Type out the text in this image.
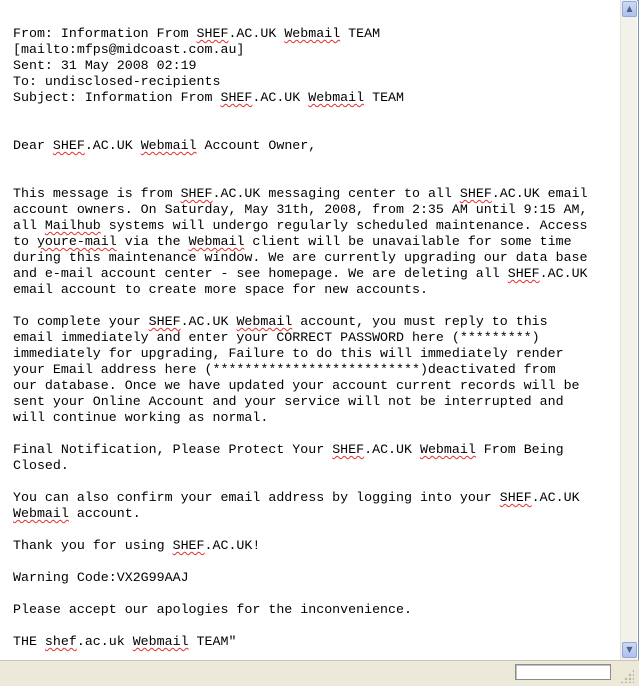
From: Information From SHEF.AC.UK Webmail TEAM
[mailto:mfps@midcoast.com.au]
Sent: 31 May 2008 02:19
To: undisclosed-recipients
Subject: Information From SHEF.AC.UK Webmail TEAM

Dear SHEF.AC.UK Webmail Account Owner,

This message is from SHEF.AC.UK messaging center to all SHEF.AC.UK email
account owners. On Saturday, May 31th, 2008, from 2:35 AM until 9:15 AM,
all Mailhub systems will undergo regularly scheduled maintenance. Access
to youre-mail via the Webmail client will be unavailable for some time
during this maintenance window. We are currently upgrading our data base
and e-mail account center - see homepage. We are deleting all SHEF.AC.UK
email account to create more space for new accounts.

To complete your SHEF.AC.UK Webmail account, you must reply to this
email immediately and enter your CORRECT PASSWORD here (*********)
immediately for upgrading, Failure to do this will immediately render
your Email address here (**************************)deactivated from
our database. Once we have updated your account current records will be
sent your Online Account and your service will not be interrupted and
will continue working as normal.

Final Notification, Please Protect Your SHEF.AC.UK Webmail From Being
Closed.

You can also confirm your email address by logging into your SHEF.AC.UK
Webmail account.

Thank you for using SHEF.AC.UK!

Warning Code:VX2G99AAJ

Please accept our apologies for the inconvenience.

THE shef.ac.uk Webmail TEAM"

▲
▼
